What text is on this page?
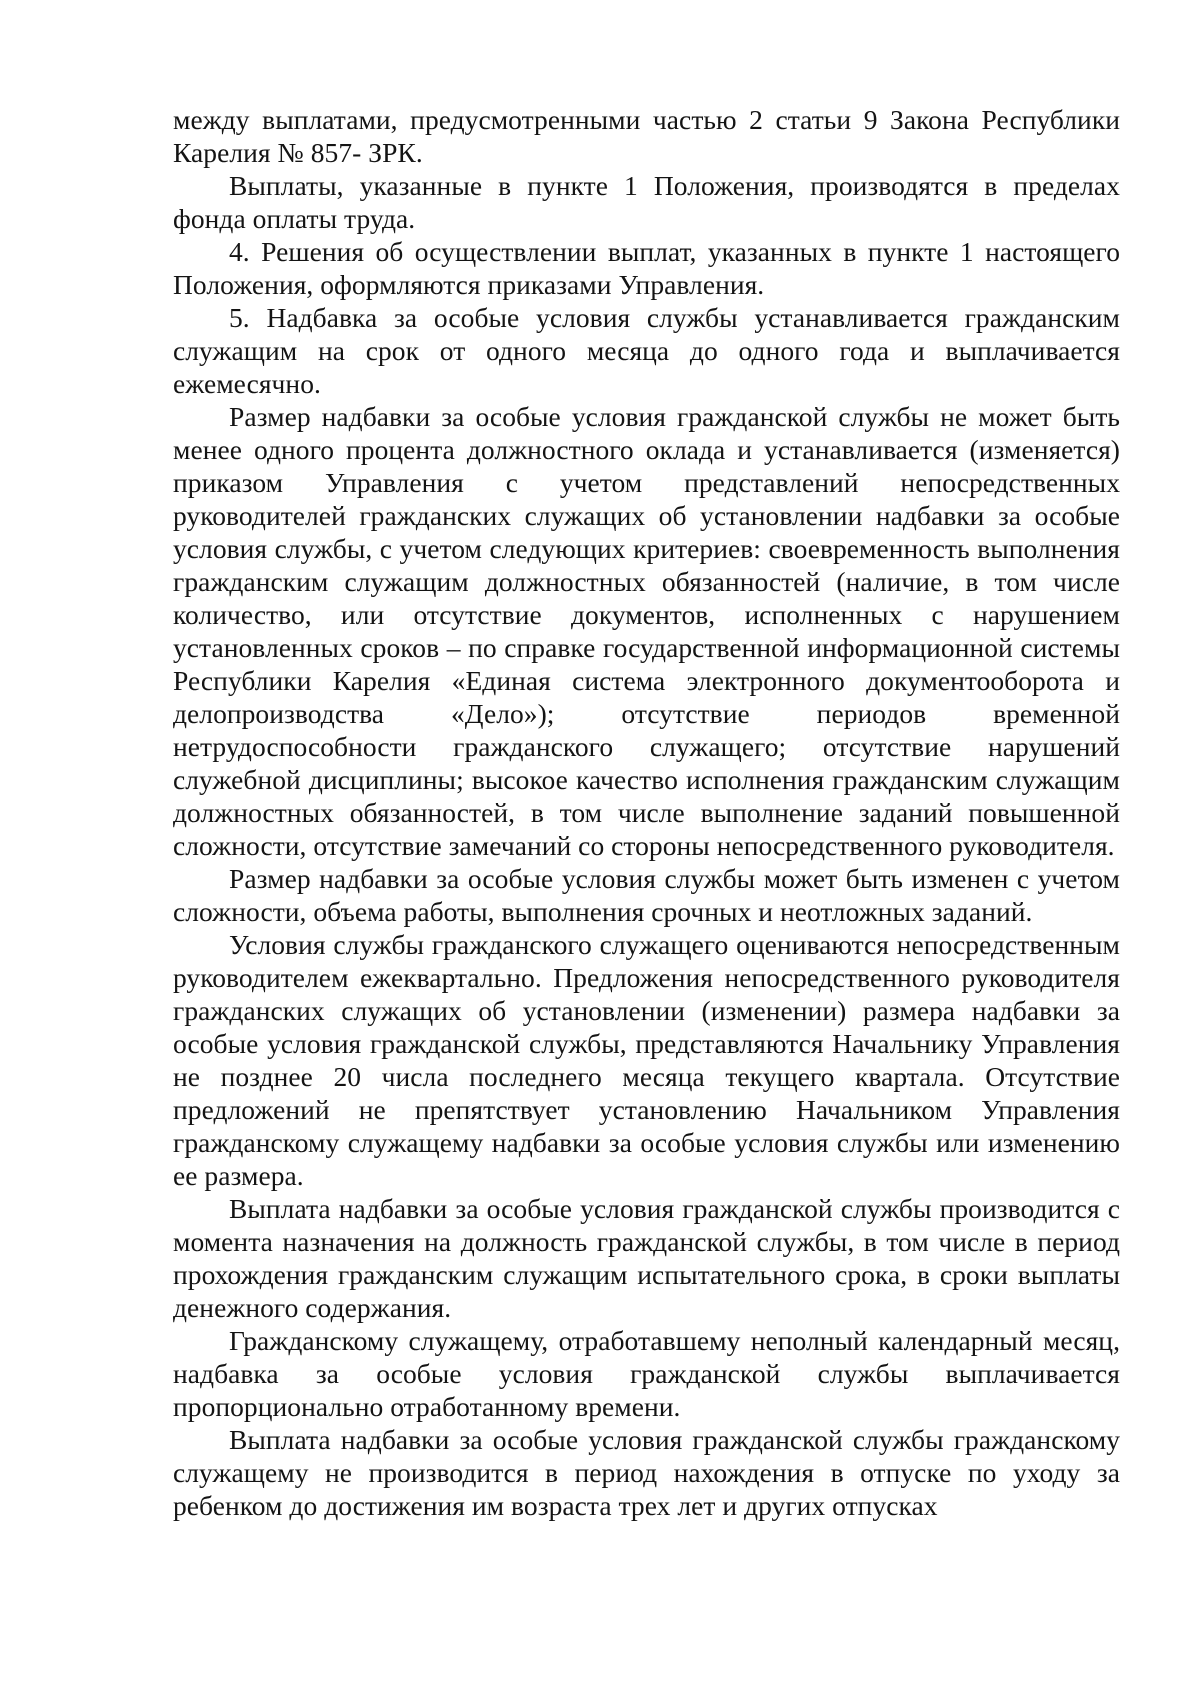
между выплатами, предусмотренными частью 2 статьи 9 Закона Республики Карелия № 857- ЗРК.

Выплаты, указанные в пункте 1 Положения, производятся в пределах фонда оплаты труда.

4. Решения об осуществлении выплат, указанных в пункте 1 настоящего Положения, оформляются приказами Управления.

5. Надбавка за особые условия службы устанавливается гражданским служащим на срок от одного месяца до одного года и выплачивается ежемесячно.

Размер надбавки за особые условия гражданской службы не может быть менее одного процента должностного оклада и устанавливается (изменяется) приказом Управления с учетом представлений непосредственных руководителей гражданских служащих об установлении надбавки за особые условия службы, с учетом следующих критериев: своевременность выполнения гражданским служащим должностных обязанностей (наличие, в том числе количество, или отсутствие документов, исполненных с нарушением установленных сроков – по справке государственной информационной системы Республики Карелия «Единая система электронного документооборота и делопроизводства «Дело»); отсутствие периодов временной нетрудоспособности гражданского служащего; отсутствие нарушений служебной дисциплины; высокое качество исполнения гражданским служащим должностных обязанностей, в том числе выполнение заданий повышенной сложности, отсутствие замечаний со стороны непосредственного руководителя.

Размер надбавки за особые условия службы может быть изменен с учетом сложности, объема работы, выполнения срочных и неотложных заданий.

Условия службы гражданского служащего оцениваются непосредственным руководителем ежеквартально. Предложения непосредственного руководителя гражданских служащих об установлении (изменении) размера надбавки за особые условия гражданской службы, представляются Начальнику Управления не позднее 20 числа последнего месяца текущего квартала. Отсутствие предложений не препятствует установлению Начальником Управления гражданскому служащему надбавки за особые условия службы или изменению ее размера.

Выплата надбавки за особые условия гражданской службы производится с момента назначения на должность гражданской службы, в том числе в период прохождения гражданским служащим испытательного срока, в сроки выплаты денежного содержания.

Гражданскому служащему, отработавшему неполный календарный месяц, надбавка за особые условия гражданской службы выплачивается пропорционально отработанному времени.

Выплата надбавки за особые условия гражданской службы гражданскому служащему не производится в период нахождения в отпуске по уходу за ребенком до достижения им возраста трех лет и других отпусках
